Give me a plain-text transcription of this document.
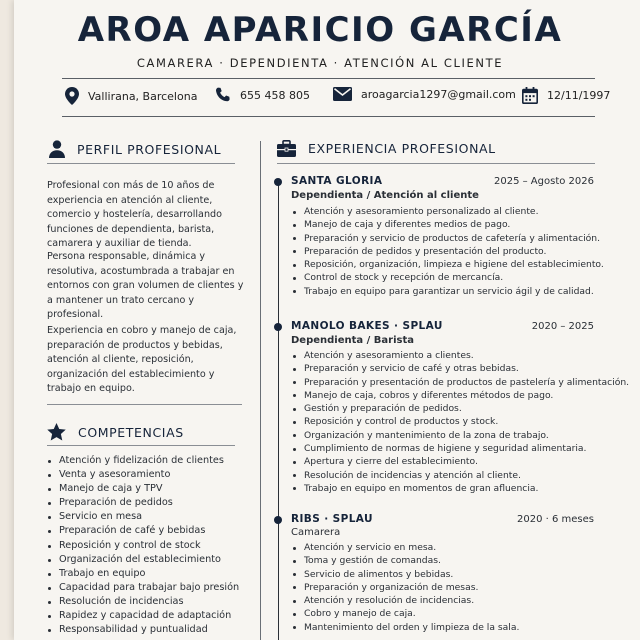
AROA APARICIO GARCÍA
CAMARERA · DEPENDIENTA · ATENCIÓN AL CLIENTE
Vallirana, Barcelona	655 458 805	aroagarcia1297@gmail.com	12/11/1997
PERFIL PROFESIONAL

Profesional con más de 10 años de experiencia en atención al cliente, comercio y hostelería, desarrollando funciones de dependienta, barista, camarera y auxiliar de tienda.

Persona responsable, dinámica y resolutiva, acostumbrada a trabajar en entornos con gran volumen de clientes y a mantener un trato cercano y profesional.

Experiencia en cobro y manejo de caja, preparación de productos y bebidas, atención al cliente, reposición, organización del establecimiento y trabajo en equipo.

COMPETENCIAS
Atención y fidelización de clientes
Venta y asesoramiento
Manejo de caja y TPV
Preparación de pedidos
Servicio en mesa
Preparación de café y bebidas
Reposición y control de stock
Organización del establecimiento
Trabajo en equipo
Capacidad para trabajar bajo presión
Resolución de incidencias
Rapidez y capacidad de adaptación
Responsabilidad y puntualidad
EXPERIENCIA PROFESIONAL
SANTA GLORIA	2025 – Agosto 2026
Dependienta / Atención al cliente
Atención y asesoramiento personalizado al cliente.
Manejo de caja y diferentes medios de pago.
Preparación y servicio de productos de cafetería y alimentación.
Preparación de pedidos y presentación del producto.
Reposición, organización, limpieza e higiene del establecimiento.
Control de stock y recepción de mercancía.
Trabajo en equipo para garantizar un servicio ágil y de calidad.
MANOLO BAKES · SPLAU	2020 – 2025
Dependienta / Barista
Atención y asesoramiento a clientes.
Preparación y servicio de café y otras bebidas.
Preparación y presentación de productos de pastelería y alimentación.
Manejo de caja, cobros y diferentes métodos de pago.
Gestión y preparación de pedidos.
Reposición y control de productos y stock.
Organización y mantenimiento de la zona de trabajo.
Cumplimiento de normas de higiene y seguridad alimentaria.
Apertura y cierre del establecimiento.
Resolución de incidencias y atención al cliente.
Trabajo en equipo en momentos de gran afluencia.
RIBS · SPLAU	2020 · 6 meses
Camarera
Atención y servicio en mesa.
Toma y gestión de comandas.
Servicio de alimentos y bebidas.
Preparación y organización de mesas.
Atención y resolución de incidencias.
Cobro y manejo de caja.
Mantenimiento del orden y limpieza de la sala.
